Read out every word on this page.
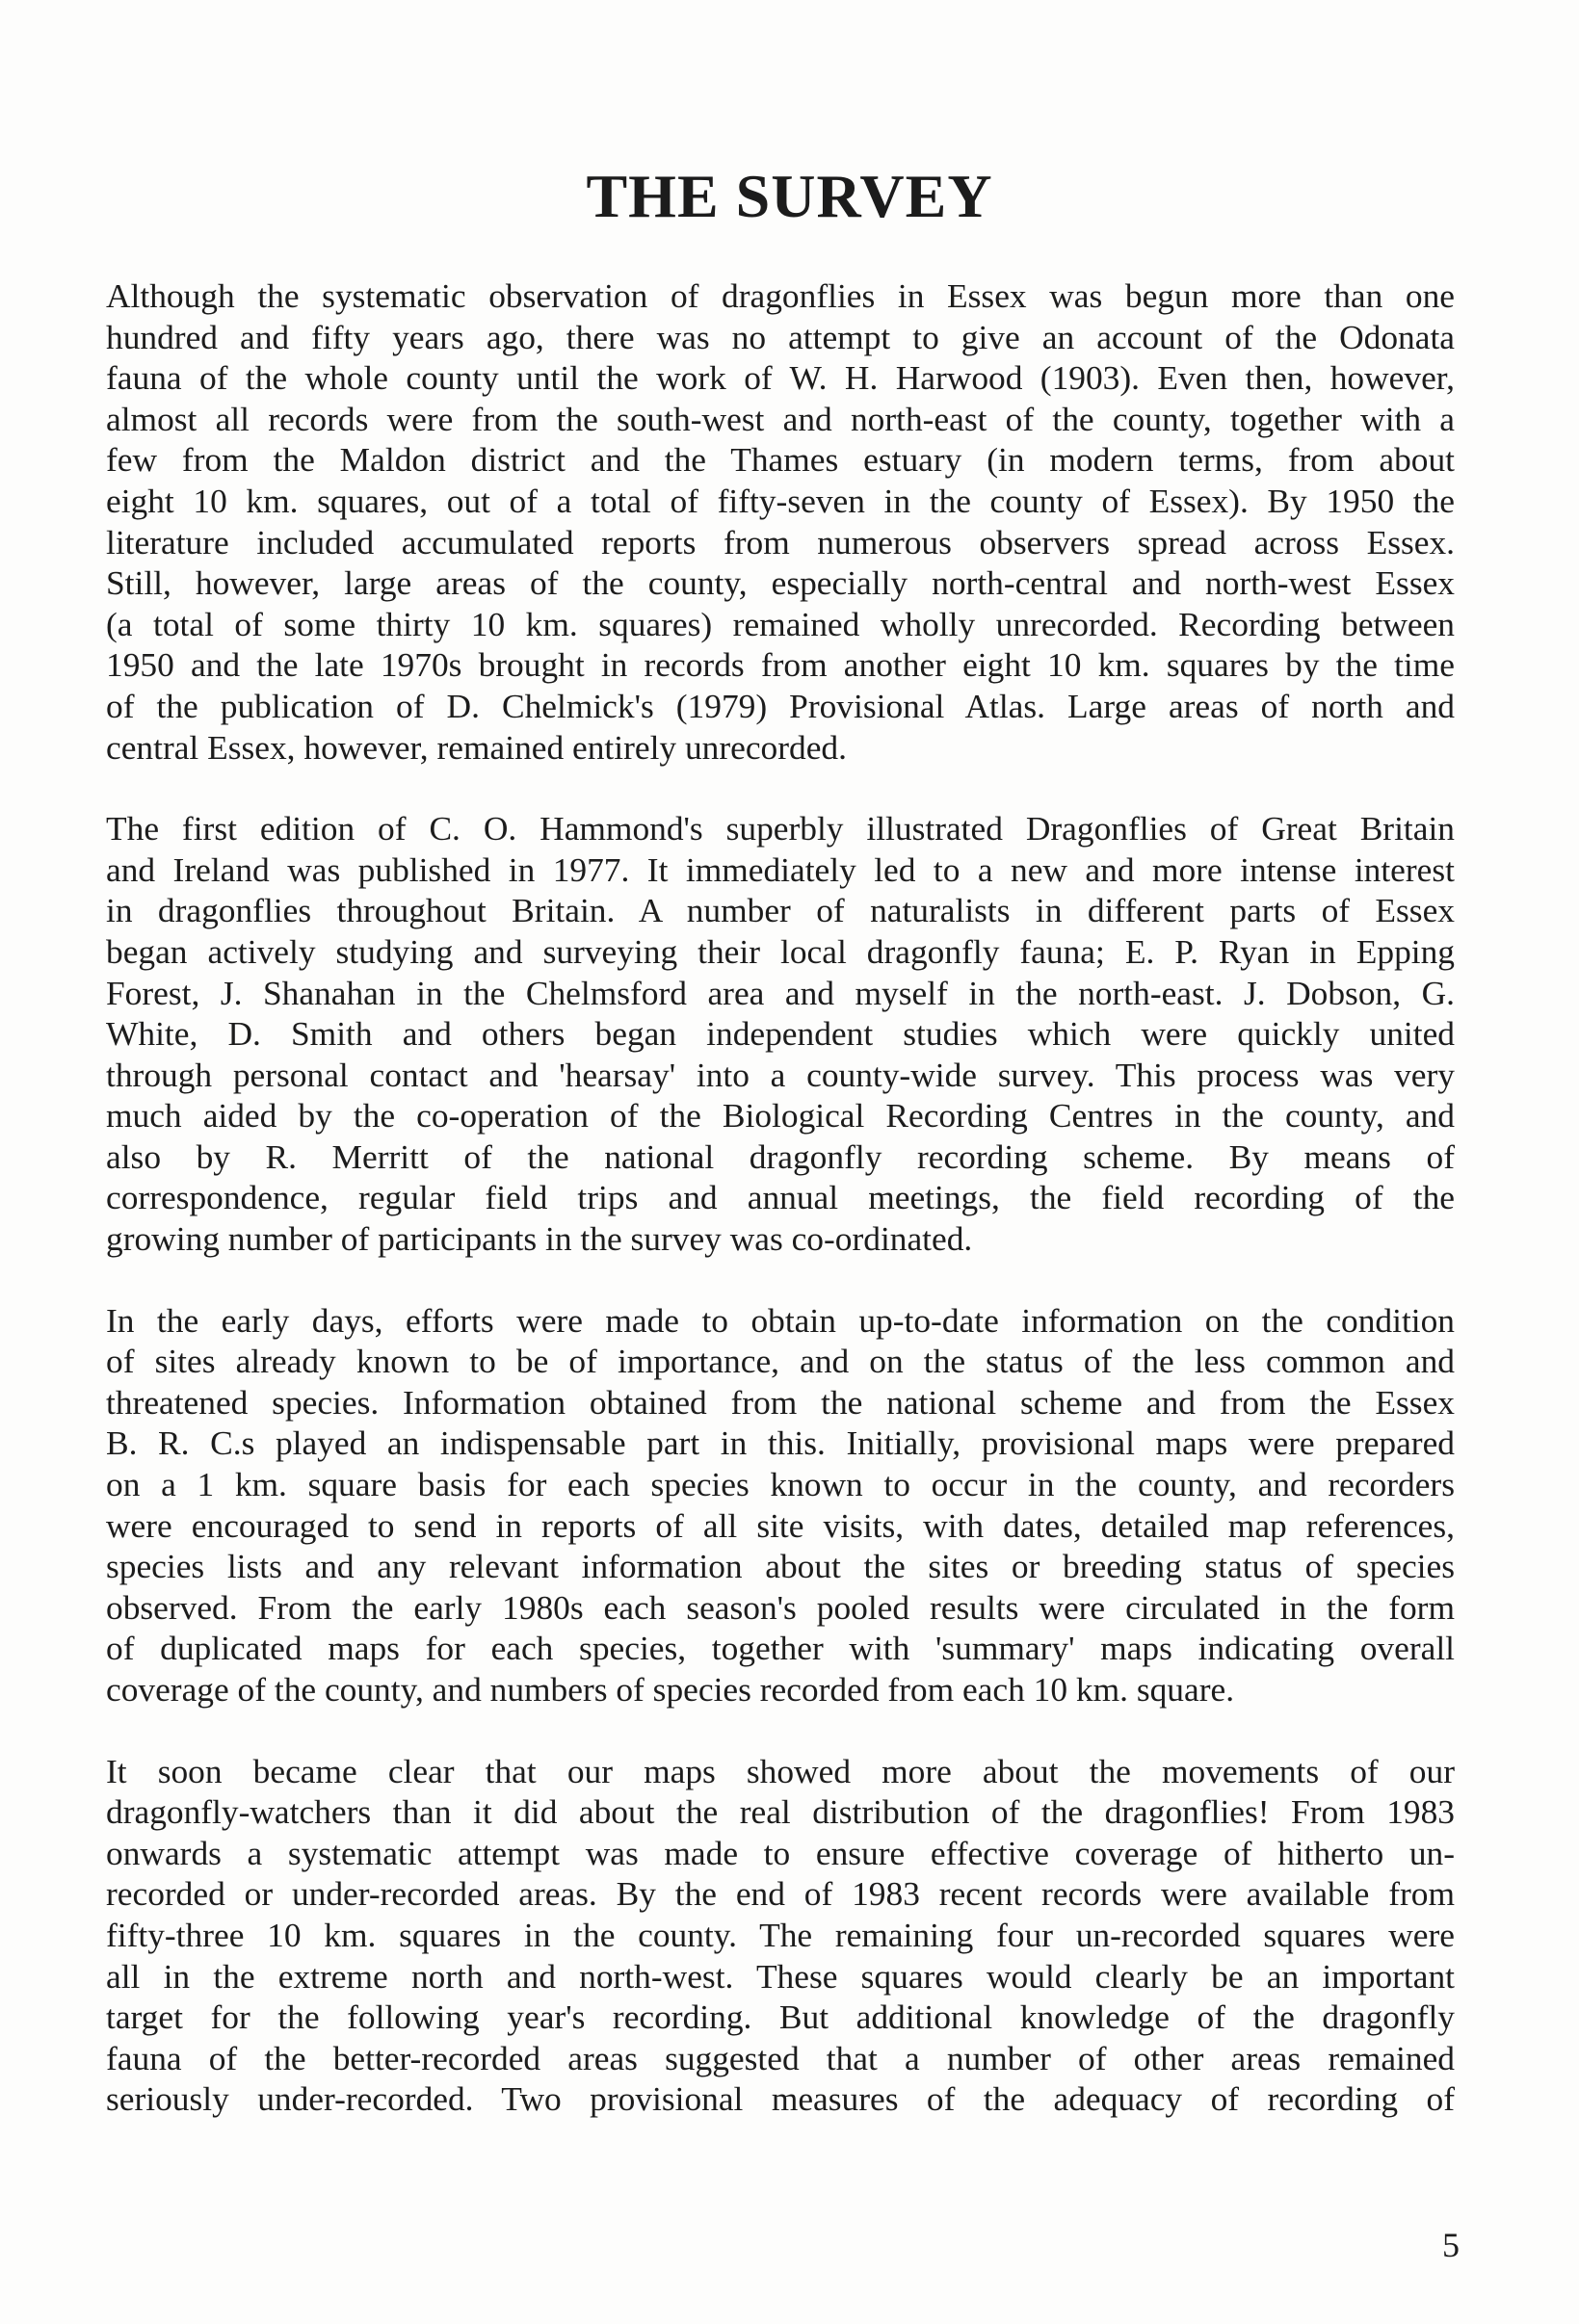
THE SURVEY
Although the systematic observation of dragonflies in Essex was begun more than one
hundred and fifty years ago, there was no attempt to give an account of the Odonata
fauna of the whole county until the work of W. H. Harwood (1903). Even then, however,
almost all records were from the south-west and north-east of the county, together with a
few from the Maldon district and the Thames estuary (in modern terms, from about
eight 10 km. squares, out of a total of fifty-seven in the county of Essex). By 1950 the
literature included accumulated reports from numerous observers spread across Essex.
Still, however, large areas of the county, especially north-central and north-west Essex
(a total of some thirty 10 km. squares) remained wholly unrecorded. Recording between
1950 and the late 1970s brought in records from another eight 10 km. squares by the time
of the publication of D. Chelmick's (1979) Provisional Atlas. Large areas of north and
central Essex, however, remained entirely unrecorded.
The first edition of C. O. Hammond's superbly illustrated Dragonflies of Great Britain
and Ireland was published in 1977. It immediately led to a new and more intense interest
in dragonflies throughout Britain. A number of naturalists in different parts of Essex
began actively studying and surveying their local dragonfly fauna; E. P. Ryan in Epping
Forest, J. Shanahan in the Chelmsford area and myself in the north-east. J. Dobson, G.
White, D. Smith and others began independent studies which were quickly united
through personal contact and 'hearsay' into a county-wide survey. This process was very
much aided by the co-operation of the Biological Recording Centres in the county, and
also by R. Merritt of the national dragonfly recording scheme. By means of
correspondence, regular field trips and annual meetings, the field recording of the
growing number of participants in the survey was co-ordinated.
In the early days, efforts were made to obtain up-to-date information on the condition
of sites already known to be of importance, and on the status of the less common and
threatened species. Information obtained from the national scheme and from the Essex
B. R. C.s played an indispensable part in this. Initially, provisional maps were prepared
on a 1 km. square basis for each species known to occur in the county, and recorders
were encouraged to send in reports of all site visits, with dates, detailed map references,
species lists and any relevant information about the sites or breeding status of species
observed. From the early 1980s each season's pooled results were circulated in the form
of duplicated maps for each species, together with 'summary' maps indicating overall
coverage of the county, and numbers of species recorded from each 10 km. square.
It soon became clear that our maps showed more about the movements of our
dragonfly-watchers than it did about the real distribution of the dragonflies! From 1983
onwards a systematic attempt was made to ensure effective coverage of hitherto un-
recorded or under-recorded areas. By the end of 1983 recent records were available from
fifty-three 10 km. squares in the county. The remaining four un-recorded squares were
all in the extreme north and north-west. These squares would clearly be an important
target for the following year's recording. But additional knowledge of the dragonfly
fauna of the better-recorded areas suggested that a number of other areas remained
seriously under-recorded. Two provisional measures of the adequacy of recording of
5
